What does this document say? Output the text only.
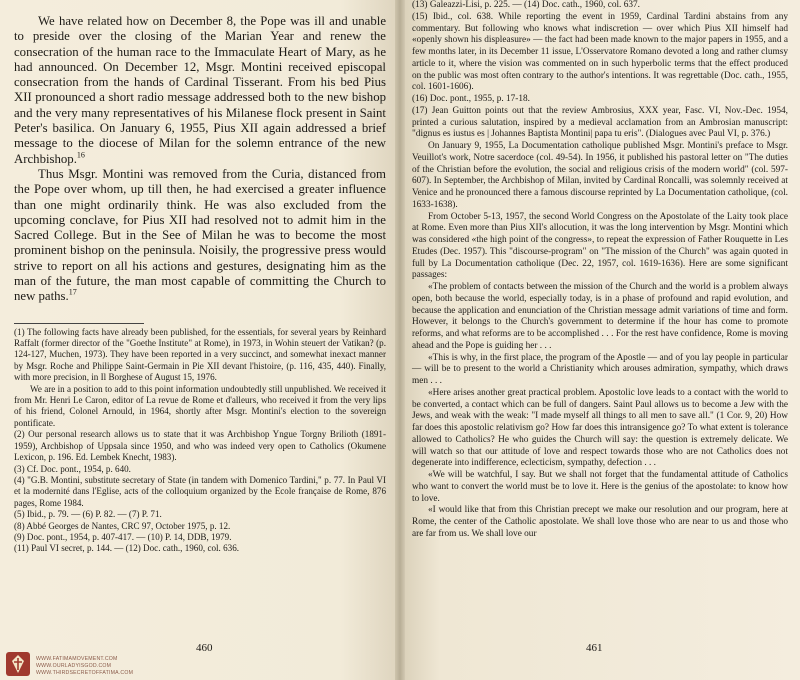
We have related how on December 8, the Pope was ill and unable to preside over the closing of the Marian Year and renew the consecration of the human race to the Immaculate Heart of Mary, as he had announced. On December 12, Msgr. Montini received episcopal consecration from the hands of Cardinal Tisserant. From his bed Pius XII pronounced a short radio message addressed both to the new bishop and the very many representatives of his Milanese flock present in Saint Peter's basilica. On January 6, 1955, Pius XII again addressed a brief message to the diocese of Milan for the solemn entrance of the new Archbishop.$^{16}$

Thus Msgr. Montini was removed from the Curia, distanced from the Pope over whom, up till then, he had exercised a greater influence than one might ordinarily think. He was also excluded from the upcoming conclave, for Pius XII had resolved not to admit him in the Sacred College. But in the See of Milan he was to become the most prominent bishop on the peninsula. Noisily, the progressive press would strive to report on all his actions and gestures, designating him as the man of the future, the man most capable of committing the Church to new paths.$^{17}$

(1) The following facts have already been published, for the essentials, for several years by Reinhard Raffalt (former director of the "Goethe Institute" at Rome), in 1973, in Wohin steuert der Vatikan? (p. 124-127, Muchen, 1973). They have been reported in a very succinct, and somewhat inexact manner by Msgr. Roche and Philippe Saint-Germain in Pie XII devant l'histoire, (p. 116, 435, 440). Finally, with more precision, in Il Borghese of August 15, 1976.

We are in a position to add to this point information undoubtedly still unpublished. We received it from Mr. Henri Le Caron, editor of La revue de Rome et d'alleurs, who received it from the very lips of his friend, Colonel Arnould, in 1964, shortly after Msgr. Montini's election to the sovereign pontificate.

(2) Our personal research allows us to state that it was Archbishop Yngue Torgny Brilioth (1891-1959), Archbishop of Uppsala since 1950, and who was indeed very open to Catholics (Okumene Lexicon, p. 196. Ed. Lembek Knecht, 1983).

(3) Cf. Doc. pont., 1954, p. 640.

(4) "G.B. Montini, substitute secretary of State (in tandem with Domenico Tardini," p. 77. In Paul VI et la modernité dans l'Eglise, acts of the colloquium organized by the Ecole française de Rome, 876 pages, Rome 1984.

(5) Ibid., p. 79. — (6) P. 82. — (7) P. 71.

(8) Abbé Georges de Nantes, CRC 97, October 1975, p. 12.

(9) Doc. pont., 1954, p. 407-417. — (10) P. 14, DDB, 1979.

(11) Paul VI secret, p. 144. — (12) Doc. cath., 1960, col. 636.

460
WWW.FATIMAMOVEMENT.COM
WWW.OURLADYISGOD.COM
WWW.THIRDSECRETOFFATIMA.COM

(13) Galeazzi-Lisi, p. 225. — (14) Doc. cath., 1960, col. 637.

(15) Ibid., col. 638. While reporting the event in 1959, Cardinal Tardini abstains from any commentary. But following who knows what indiscretion — over which Pius XII himself had «openly shown his displeasure» — the fact had been made known to the major papers in 1955, and a few months later, in its December 11 issue, L'Osservatore Romano devoted a long and rather clumsy article to it, where the vision was commented on in such hyperbolic terms that the effect produced on the public was most often contrary to the author's intentions. It was regrettable (Doc. cath., 1955, col. 1601-1606).

(16) Doc. pont., 1955, p. 17-18.

(17) Jean Guitton points out that the review Ambrosius, XXX year, Fasc. VI, Nov.-Dec. 1954, printed a curious salutation, inspired by a medieval acclamation from an Ambrosian manuscript: "dignus es iustus es | Johannes Baptista Montini| papa tu eris". (Dialogues avec Paul VI, p. 376.)

On January 9, 1955, La Documentation catholique published Msgr. Montini's preface to Msgr. Veuillot's work, Notre sacerdoce (col. 49-54). In 1956, it published his pastoral letter on "The duties of the Christian before the evolution, the social and religious crisis of the modern world" (col. 597-607). In September, the Archbishop of Milan, invited by Cardinal Roncalli, was solemnly received at Venice and he pronounced there a famous discourse reprinted by La Documentation catholique, (col. 1633-1638).

From October 5-13, 1957, the second World Congress on the Apostolate of the Laity took place at Rome. Even more than Pius XII's allocution, it was the long intervention by Msgr. Montini which was considered «the high point of the congress», to repeat the expression of Father Rouquette in Les Etudes (Dec. 1957). This "discourse-program" on "The mission of the Church" was again quoted in full by La Documentation catholique (Dec. 22, 1957, col. 1619-1636). Here are some significant passages:

«The problem of contacts between the mission of the Church and the world is a problem always open, both because the world, especially today, is in a phase of profound and rapid evolution, and because the application and enunciation of the Christian message admit variations of time and form. However, it belongs to the Church's government to determine if the hour has come to promote reforms, and what reforms are to be accomplished . . . For the rest have confidence, Rome is moving ahead and the Pope is guiding her . . .

«This is why, in the first place, the program of the Apostle — and of you lay people in particular — will be to present to the world a Christianity which arouses admiration, sympathy, which draws men . . .

«Here arises another great practical problem. Apostolic love leads to a contact with the world to be converted, a contact which can be full of dangers. Saint Paul allows us to become a Jew with the Jews, and weak with the weak: "I made myself all things to all men to save all." (1 Cor. 9, 20) How far does this apostolic relativism go? How far does this intransigence go? To what extent is tolerance allowed to Catholics? He who guides the Church will say: the question is extremely delicate. We will watch so that our attitude of love and respect towards those who are not Catholics does not degenerate into indifference, eclecticism, sympathy, defection . . .

«We will be watchful, I say. But we shall not forget that the fundamental attitude of Catholics who want to convert the world must be to love it. Here is the genius of the apostolate: to know how to love.

«I would like that from this Christian precept we make our resolution and our program, here at Rome, the center of the Catholic apostolate. We shall love those who are near to us and those who are far from us. We shall love our

461
